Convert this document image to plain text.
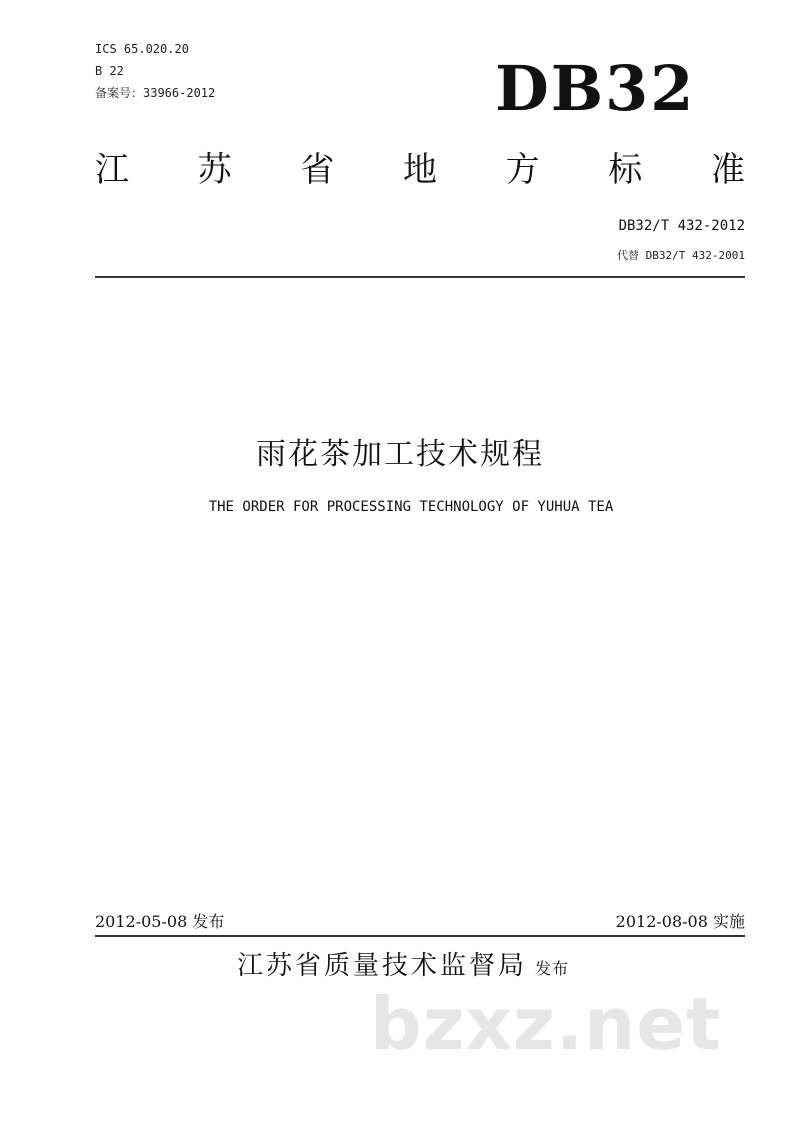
ICS 65.020.20
B 22
备案号：33966-2012	DB32
江 苏 省 地 方 标 准
DB32/T 432-2012
代替 DB32/T 432-2001
雨花茶加工技术规程
THE ORDER FOR PROCESSING TECHNOLOGY OF YUHUA TEA
2012-05-08 发布	2012-08-08 实施
江苏省质量技术监督局 发布
bzxz.net
